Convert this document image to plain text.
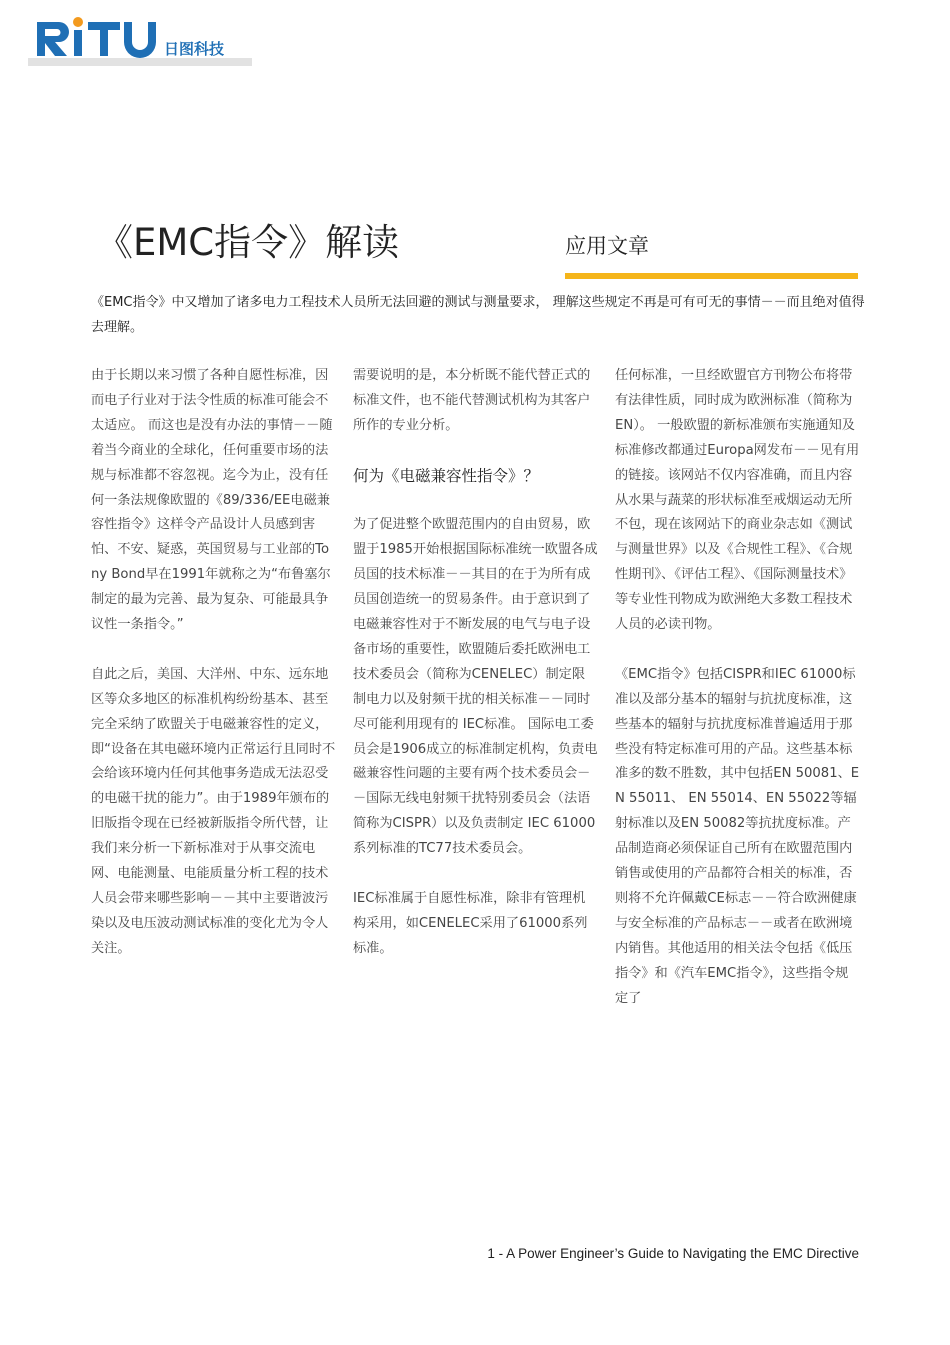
日图科技
《EMC指令》解读	应用文章

《EMC指令》中又增加了诸多电力工程技术人员所无法回避的测试与测量要求， 理解这些规定不再是可有可无的事情－－而且绝对值得去理解。

由于长期以来习惯了各种自愿性标准，因而电子行业对于法令性质的标准可能会不太适应。 而这也是没有办法的事情－－随着当今商业的全球化，任何重要市场的法规与标准都不容忽视。迄今为止，没有任何一条法规像欧盟的《89/336/EE电磁兼容性指令》这样令产品设计人员感到害怕、不安、疑惑，英国贸易与工业部的Tony Bond早在1991年就称之为“布鲁塞尔制定的最为完善、最为复杂、可能最具争议性一条指令。”

自此之后，美国、大洋州、中东、远东地区等众多地区的标准机构纷纷基本、甚至完全采纳了欧盟关于电磁兼容性的定义，即“设备在其电磁环境内正常运行且同时不会给该环境内任何其他事务造成无法忍受的电磁干扰的能力”。由于1989年颁布的旧版指令现在已经被新版指令所代替，让我们来分析一下新标准对于从事交流电网、电能测量、电能质量分析工程的技术人员会带来哪些影响－－其中主要谐波污染以及电压波动测试标准的变化尤为令人关注。

需要说明的是，本分析既不能代替正式的标准文件，也不能代替测试机构为其客户所作的专业分析。

何为《电磁兼容性指令》？

为了促进整个欧盟范围内的自由贸易，欧盟于1985开始根据国际标准统一欧盟各成员国的技术标准－－其目的在于为所有成员国创造统一的贸易条件。由于意识到了电磁兼容性对于不断发展的电气与电子设备市场的重要性，欧盟随后委托欧洲电工技术委员会（简称为CENELEC）制定限制电力以及射频干扰的相关标准－－同时尽可能利用现有的 IEC标准。 国际电工委员会是1906成立的标准制定机构，负责电磁兼容性问题的主要有两个技术委员会－－国际无线电射频干扰特别委员会（法语简称为CISPR）以及负责制定 IEC 61000系列标准的TC77技术委员会。

IEC标准属于自愿性标准，除非有管理机构采用，如CENELEC采用了61000系列标准。

任何标准，一旦经欧盟官方刊物公布将带有法律性质，同时成为欧洲标准（简称为EN）。 一般欧盟的新标准颁布实施通知及标准修改都通过Europa网发布－－见有用的链接。该网站不仅内容准确，而且内容从水果与蔬菜的形状标准至戒烟运动无所不包，现在该网站下的商业杂志如《测试与测量世界》以及《合规性工程》、《合规性期刊》、《评估工程》、《国际测量技术》等专业性刊物成为欧洲绝大多数工程技术人员的必读刊物。

《EMC指令》包括CISPR和IEC 61000标准以及部分基本的辐射与抗扰度标准，这些基本的辐射与抗扰度标准普遍适用于那些没有特定标准可用的产品。这些基本标准多的数不胜数，其中包括EN 50081、EN 55011、 EN 55014、EN 55022等辐射标准以及EN 50082等抗扰度标准。产品制造商必须保证自己所有在欧盟范围内销售或使用的产品都符合相关的标准，否则将不允许佩戴CE标志－－符合欧洲健康与安全标准的产品标志－－或者在欧洲境内销售。其他适用的相关法令包括《低压指令》和《汽车EMC指令》，这些指令规定了

1 - A Power Engineer’s Guide to Navigating the EMC Directive
